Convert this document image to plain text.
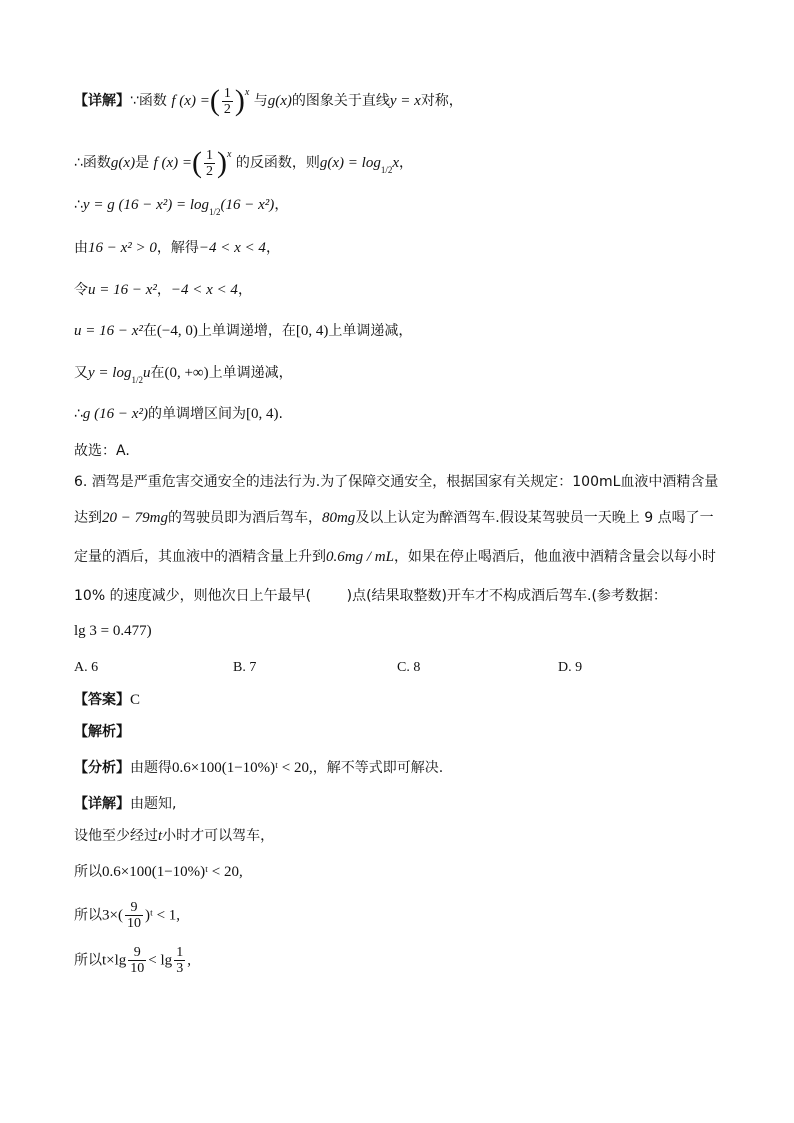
【详解】∵函数 f (x) =( $\frac{1}{2} )^x$ 与g(x)的图象关于直线y = x对称，
∴函数g(x)是 f (x) =( $\frac{1}{2} )^x$ 的反函数，则$g(x) = \log_{1/2}x$，
∴y = g $(16 - x^2) = \log_{1/2}(16 - x^2)$，
由16 − x² > 0，解得−4 < x < 4，
令u = 16 − x²，−4 < x < 4，
u = 16 − x²在(−4, 0)上单调递增，在[0, 4)上单调递减，
又$y = \log_{1/2}u$在(0, +∞)上单调递减，
∴g (16 − x²)的单调增区间为[0, 4).
故选：A.
6. 酒驾是严重危害交通安全的违法行为.为了保障交通安全，根据国家有关规定：100mL血液中酒精含量
达到20 − 79mg的驾驶员即为酒后驾车，80mg及以上认定为醉酒驾车.假设某驾驶员一天晚上 9 点喝了一
定量的酒后，其血液中的酒精含量上升到0.6mg / mL，如果在停止喝酒后，他血液中酒精含量会以每小时
10% 的速度减少，则他次日上午最早(        )点(结果取整数)开车才不构成酒后驾车.(参考数据：
lg 3 = 0.477)
A. 6	B. 7	C. 8	D. 9
【答案】C
【解析】
【分析】由题得0.6×100(1−10%)ᵗ < 20,，解不等式即可解决.
【详解】由题知,
设他至少经过t小时才可以驾车，
所以0.6×100(1−10%)ᵗ < 20,
所以$3\times( \frac{9}{10}$ )ᵗ < 1,
所以$t\times\lg \frac{9}{10} < \lg \frac{1}{3}$ ,
